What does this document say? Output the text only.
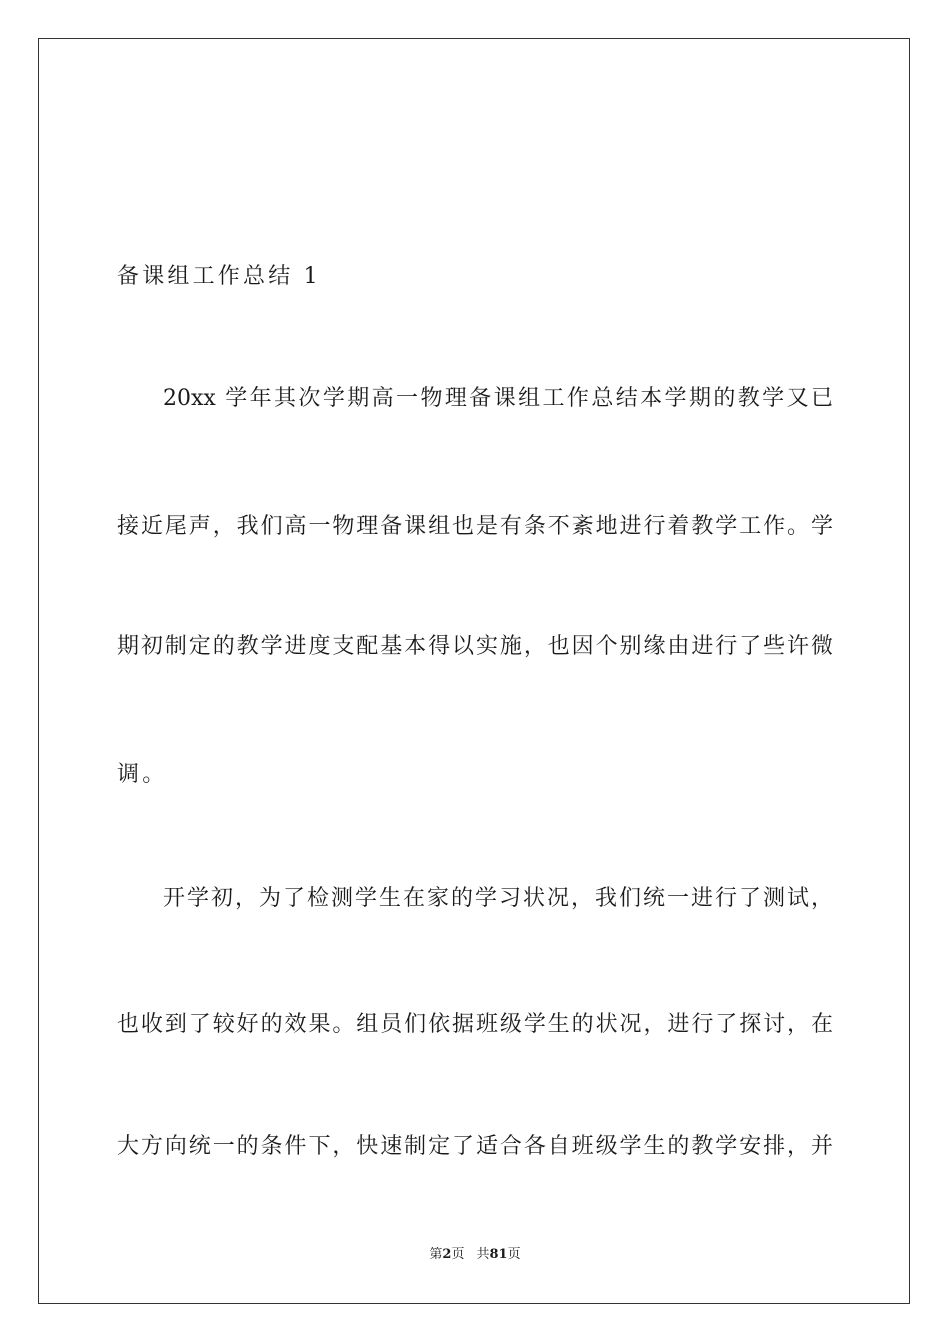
备课组工作总结 1
20xx 学年其次学期高一物理备课组工作总结本学期的教学又已
接近尾声，我们高一物理备课组也是有条不紊地进行着教学工作。学
期初制定的教学进度支配基本得以实施，也因个别缘由进行了些许微
调。
开学初，为了检测学生在家的学习状况，我们统一进行了测试，
也收到了较好的效果。组员们依据班级学生的状况，进行了探讨，在
大方向统一的条件下，快速制定了适合各自班级学生的教学安排，并
第2页 共81页
